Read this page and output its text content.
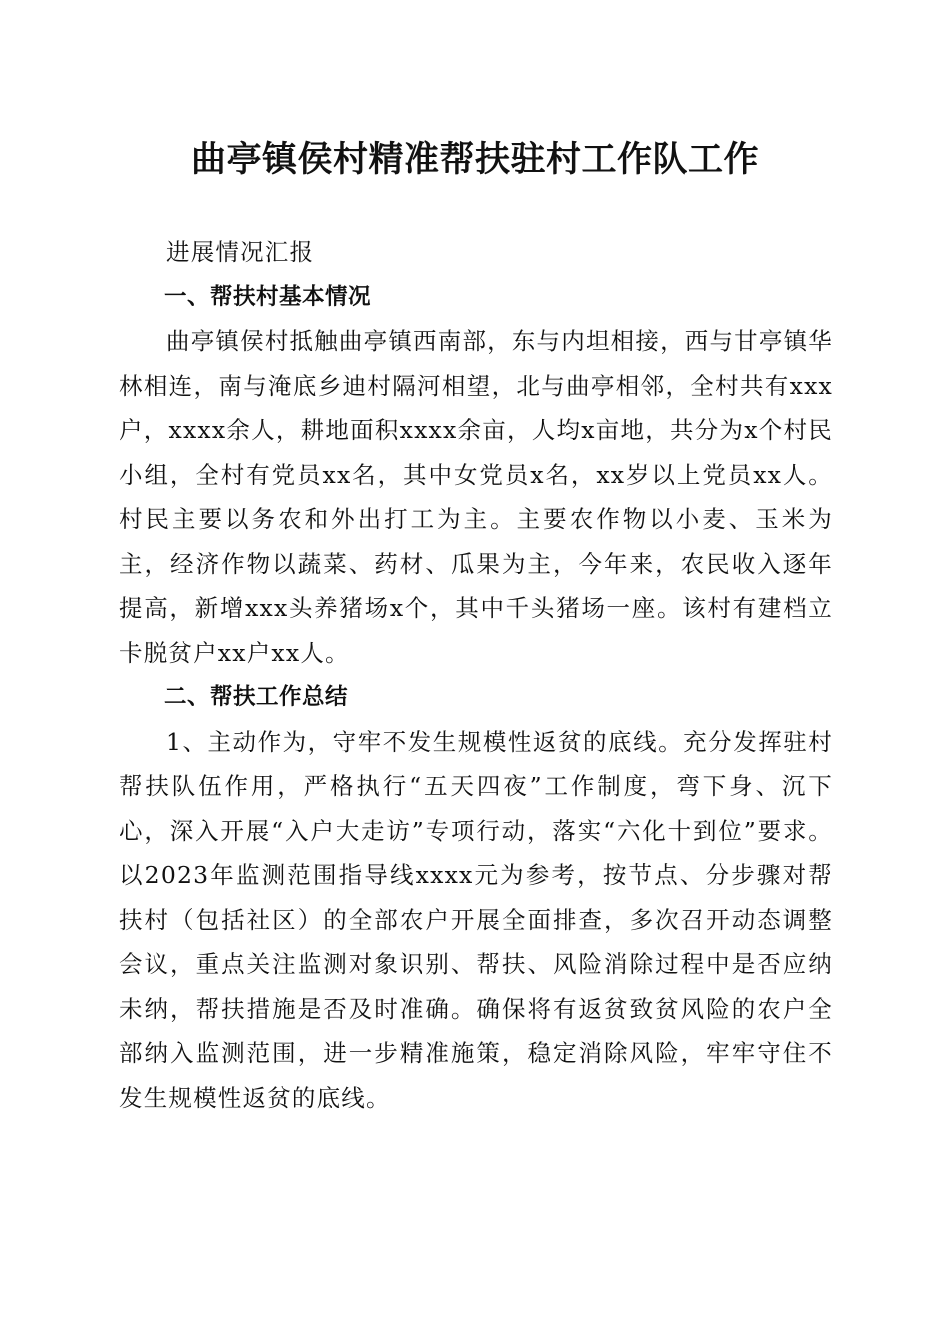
曲亭镇侯村精准帮扶驻村工作队工作

进展情况汇报

一、帮扶村基本情况

曲亭镇侯村抵触曲亭镇西南部，东与内坦相接，西与甘亭镇华林相连，南与淹底乡迪村隔河相望，北与曲亭相邻，全村共有xxx户，xxxx余人，耕地面积xxxx余亩，人均x亩地，共分为x个村民小组，全村有党员xx名，其中女党员x名，xx岁以上党员xx人。村民主要以务农和外出打工为主。主要农作物以小麦、玉米为主，经济作物以蔬菜、药材、瓜果为主，今年来，农民收入逐年提高，新增xxx头养猪场x个，其中千头猪场一座。该村有建档立卡脱贫户xx户xx人。

二、帮扶工作总结

1、主动作为，守牢不发生规模性返贫的底线。充分发挥驻村帮扶队伍作用，严格执行“五天四夜”工作制度，弯下身、沉下心，深入开展“入户大走访”专项行动，落实“六化十到位”要求。以2023年监测范围指导线xxxx元为参考，按节点、分步骤对帮扶村（包括社区）的全部农户开展全面排查，多次召开动态调整会议，重点关注监测对象识别、帮扶、风险消除过程中是否应纳未纳，帮扶措施是否及时准确。确保将有返贫致贫风险的农户全部纳入监测范围，进一步精准施策，稳定消除风险，牢牢守住不发生规模性返贫的底线。
